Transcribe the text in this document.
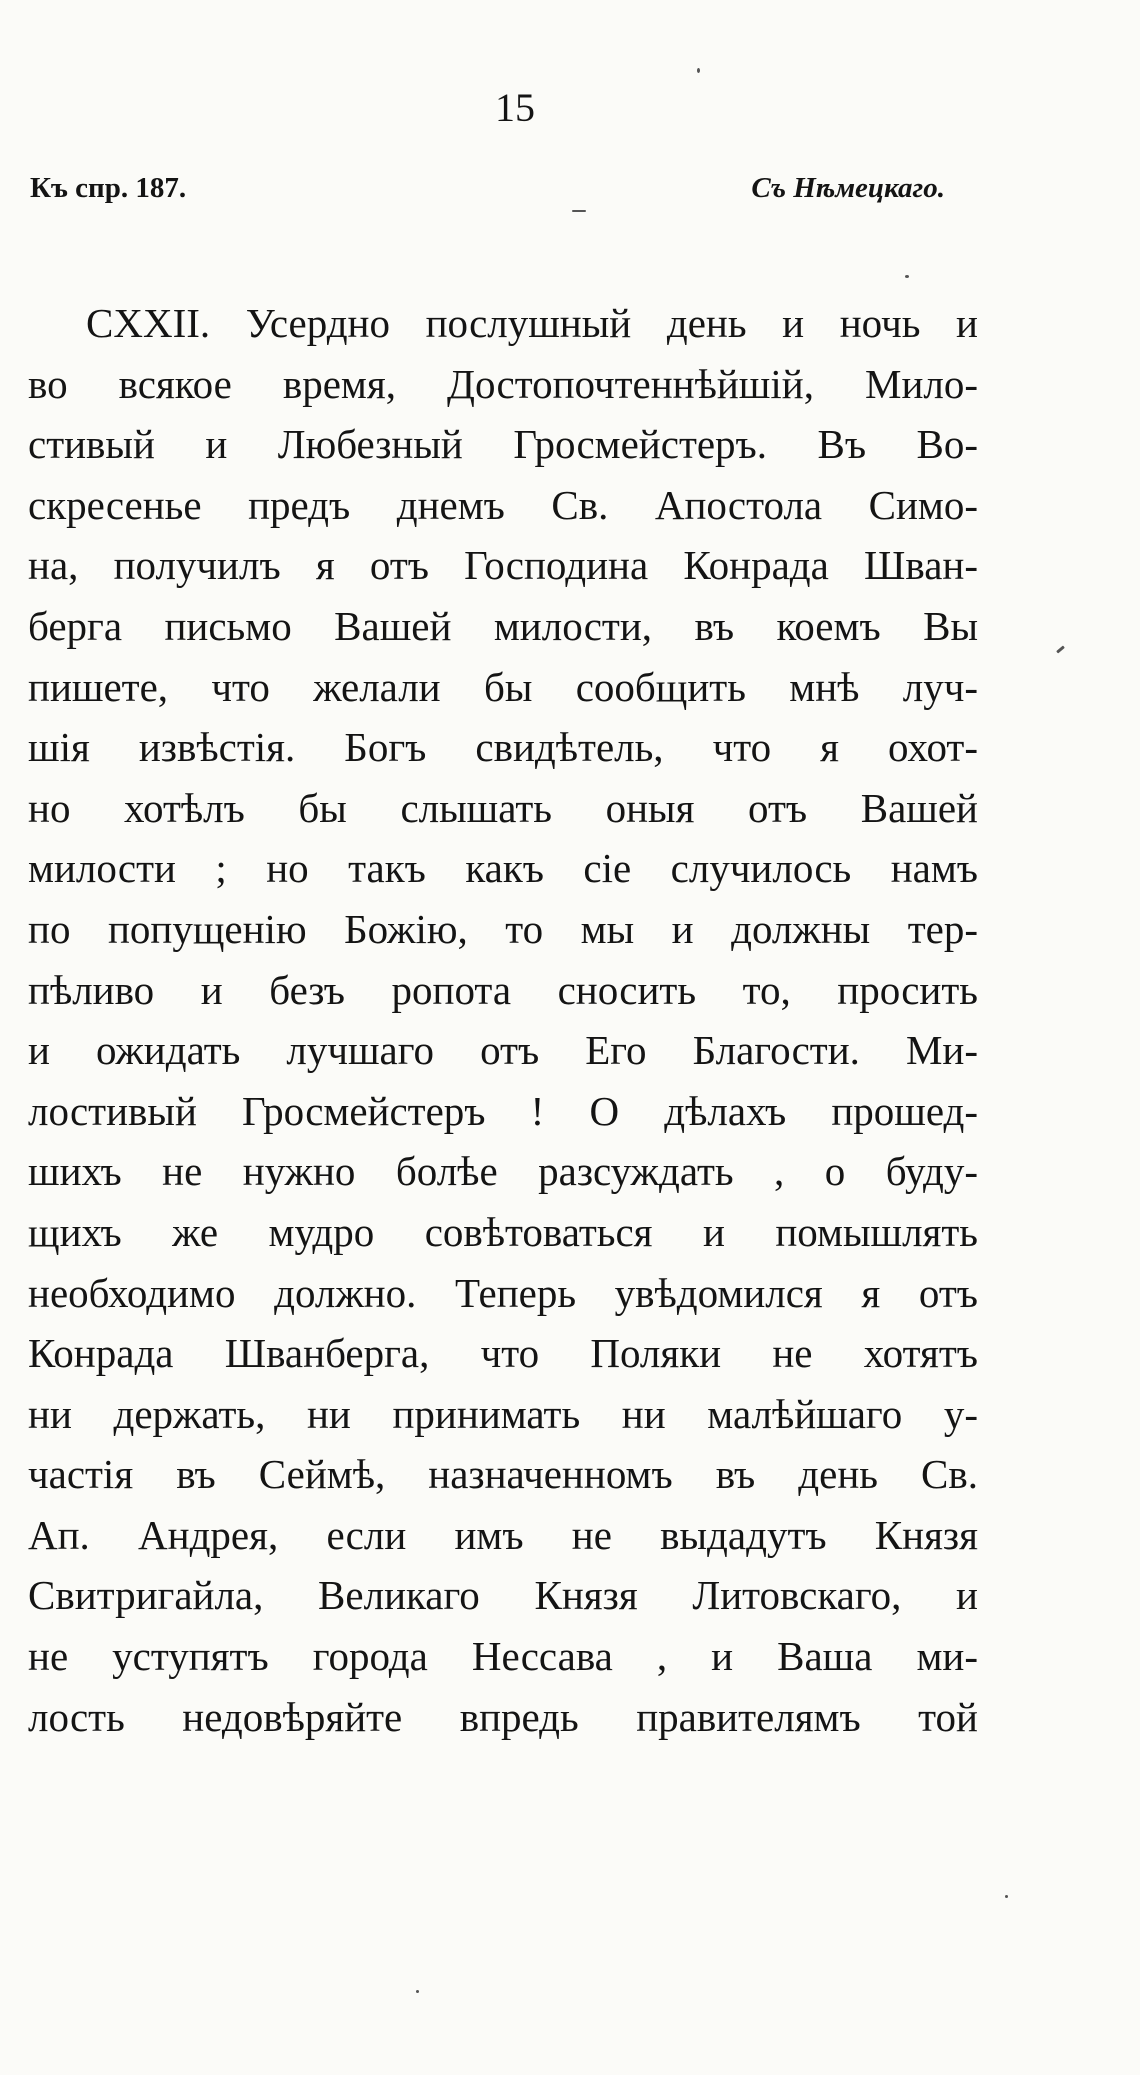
15
Къ спр. 187.	Съ Нѣмецкаго.
CXXII. Усердно послушный день и ночь и
во всякое время, Достопочтеннѣйшій, Мило-
стивый и Любезный Гросмейстеръ. Въ Во-
скресенье предъ днемъ Св. Апостола Симо-
на, получилъ я отъ Господина Конрада Шван-
берга письмо Вашей милости, въ коемъ Вы
пишете, что желали бы сообщить мнѣ луч-
шія извѣстія. Богъ свидѣтель, что я охот-
но хотѣлъ бы слышать оныя отъ Вашей
милости ; но такъ какъ сіе случилось намъ
по попущенію Божію, то мы и должны тер-
пѣливо и безъ ропота сносить то, просить
и ожидать лучшаго отъ Его Благости. Ми-
лостивый Гросмейстеръ ! О дѣлахъ прошед-
шихъ не нужно болѣе разсуждать , о буду-
щихъ же мудро совѣтоваться и помышлять
необходимо должно. Теперь увѣдомился я отъ
Конрада Шванберга, что Поляки не хотятъ
ни держать, ни принимать ни малѣйшаго у-
частія въ Сеймѣ, назначенномъ въ день Св.
Ап. Андрея, если имъ не выдадутъ Князя
Свитригайла, Великаго Князя Литовскаго, и
не уступятъ города Нессава , и Ваша ми-
лость недовѣряйте впредь правителямъ той
